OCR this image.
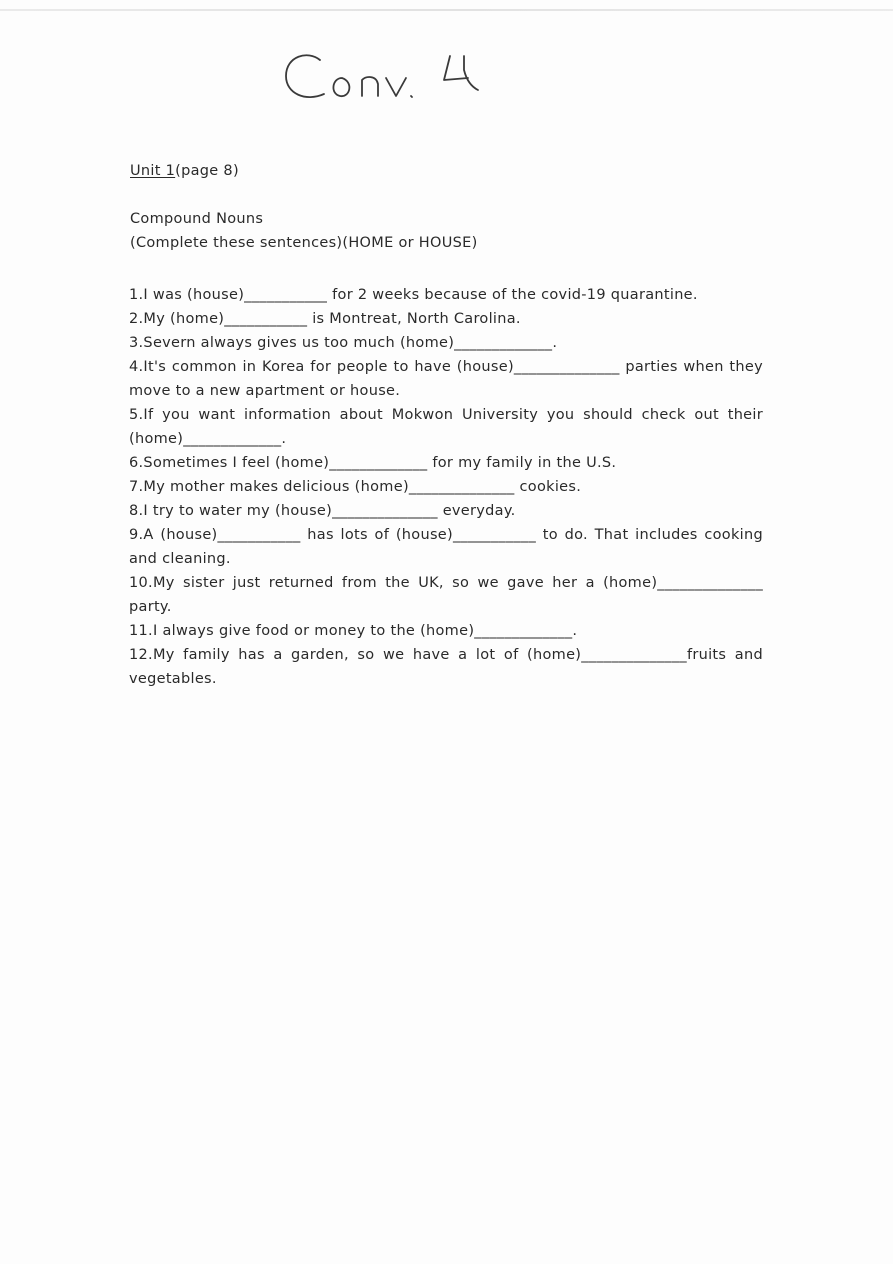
Unit 1(page 8)
Compound Nouns
(Complete these sentences)(HOME or HOUSE)
1.I was (house)___________ for 2 weeks because of the covid-19 quarantine.
2.My (home)___________ is Montreat, North Carolina.
3.Severn always gives us too much (home)_____________.
4.It's common in Korea for people to have (house)______________ parties when they move to a new apartment or house.
5.If you want information about Mokwon University you should check out their (home)_____________.
6.Sometimes I feel (home)_____________ for my family in the U.S.
7.My mother makes delicious (home)______________ cookies.
8.I try to water my (house)______________ everyday.
9.A (house)___________ has lots of (house)___________ to do. That includes cooking and cleaning.
10.My sister just returned from the UK, so we gave her a (home)______________ party.
11.I always give food or money to the (home)_____________.
12.My family has a garden, so we have a lot of (home)______________fruits and vegetables.
